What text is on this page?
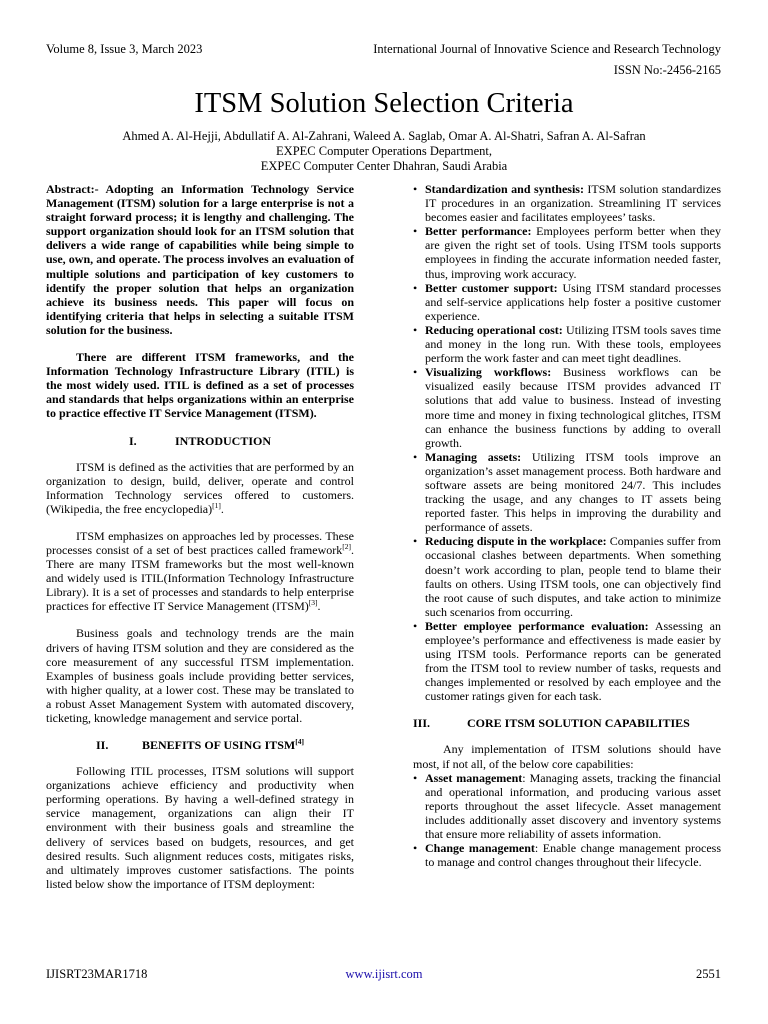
Volume 8, Issue 3, March 2023	International Journal of Innovative Science and Research Technology
ISSN No:-2456-2165
ITSM Solution Selection Criteria
Ahmed A. Al-Hejji, Abdullatif A. Al-Zahrani, Waleed A. Saglab, Omar A. Al-Shatri, Safran A. Al-Safran
EXPEC Computer Operations Department,
EXPEC Computer Center Dhahran, Saudi Arabia

Abstract:- Adopting an Information Technology Service Management (ITSM) solution for a large enterprise is not a straight forward process; it is lengthy and challenging. The support organization should look for an ITSM solution that delivers a wide range of capabilities while being simple to use, own, and operate. The process involves an evaluation of multiple solutions and participation of key customers to identify the proper solution that helps an organization achieve its business needs. This paper will focus on identifying criteria that helps in selecting a suitable ITSM solution for the business.

There are different ITSM frameworks, and the Information Technology Infrastructure Library (ITIL) is the most widely used. ITIL is defined as a set of processes and standards that helps organizations within an enterprise to practice effective IT Service Management (ITSM).

I.	INTRODUCTION

ITSM is defined as the activities that are performed by an organization to design, build, deliver, operate and control Information Technology services offered to customers.(Wikipedia, the free encyclopedia)[1].

ITSM emphasizes on approaches led by processes. These processes consist of a set of best practices called framework[2]. There are many ITSM frameworks but the most well-known and widely used is ITIL(Information Technology Infrastructure Library). It is a set of processes and standards to help enterprise practices for effective IT Service Management (ITSM)[3].

Business goals and technology trends are the main drivers of having ITSM solution and they are considered as the core measurement of any successful ITSM implementation. Examples of business goals include providing better services, with higher quality, at a lower cost. These may be translated to a robust Asset Management System with automated discovery, ticketing, knowledge management and service portal.

II.	BENEFITS OF USING ITSM[4]

Following ITIL processes, ITSM solutions will support organizations achieve efficiency and productivity when performing operations. By having a well-defined strategy in service management, organizations can align their IT environment with their business goals and streamline the delivery of services based on budgets, resources, and get desired results. Such alignment reduces costs, mitigates risks, and ultimately improves customer satisfactions. The points listed below show the importance of ITSM deployment:

• Standardization and synthesis: ITSM solution standardizes IT procedures in an organization. Streamlining IT services becomes easier and facilitates employees’ tasks.
• Better performance: Employees perform better when they are given the right set of tools. Using ITSM tools supports employees in finding the accurate information needed faster, thus, improving work accuracy.
• Better customer support: Using ITSM standard processes and self-service applications help foster a positive customer experience.
• Reducing operational cost: Utilizing ITSM tools saves time and money in the long run. With these tools, employees perform the work faster and can meet tight deadlines.
• Visualizing workflows: Business workflows can be visualized easily because ITSM provides advanced IT solutions that add value to business. Instead of investing more time and money in fixing technological glitches, ITSM can enhance the business functions by adding to overall growth.
• Managing assets: Utilizing ITSM tools improve an organization’s asset management process. Both hardware and software assets are being monitored 24/7. This includes tracking the usage, and any changes to IT assets being reported faster. This helps in improving the durability and performance of assets.
• Reducing dispute in the workplace: Companies suffer from occasional clashes between departments. When something doesn’t work according to plan, people tend to blame their faults on others. Using ITSM tools, one can objectively find the root cause of such disputes, and take action to minimize such scenarios from occurring.
• Better employee performance evaluation: Assessing an employee’s performance and effectiveness is made easier by using ITSM tools. Performance reports can be generated from the ITSM tool to review number of tasks, requests and changes implemented or resolved by each employee and the customer ratings given for each task.
III.	CORE ITSM SOLUTION CAPABILITIES

Any implementation of ITSM solutions should have most, if not all, of the below core capabilities:

• Asset management: Managing assets, tracking the financial and operational information, and producing various asset reports throughout the asset lifecycle. Asset management includes additionally asset discovery and inventory systems that ensure more reliability of assets information.
• Change management: Enable change management process to manage and control changes throughout their lifecycle.
IJISRT23MAR1718	www.ijisrt.com	2551
